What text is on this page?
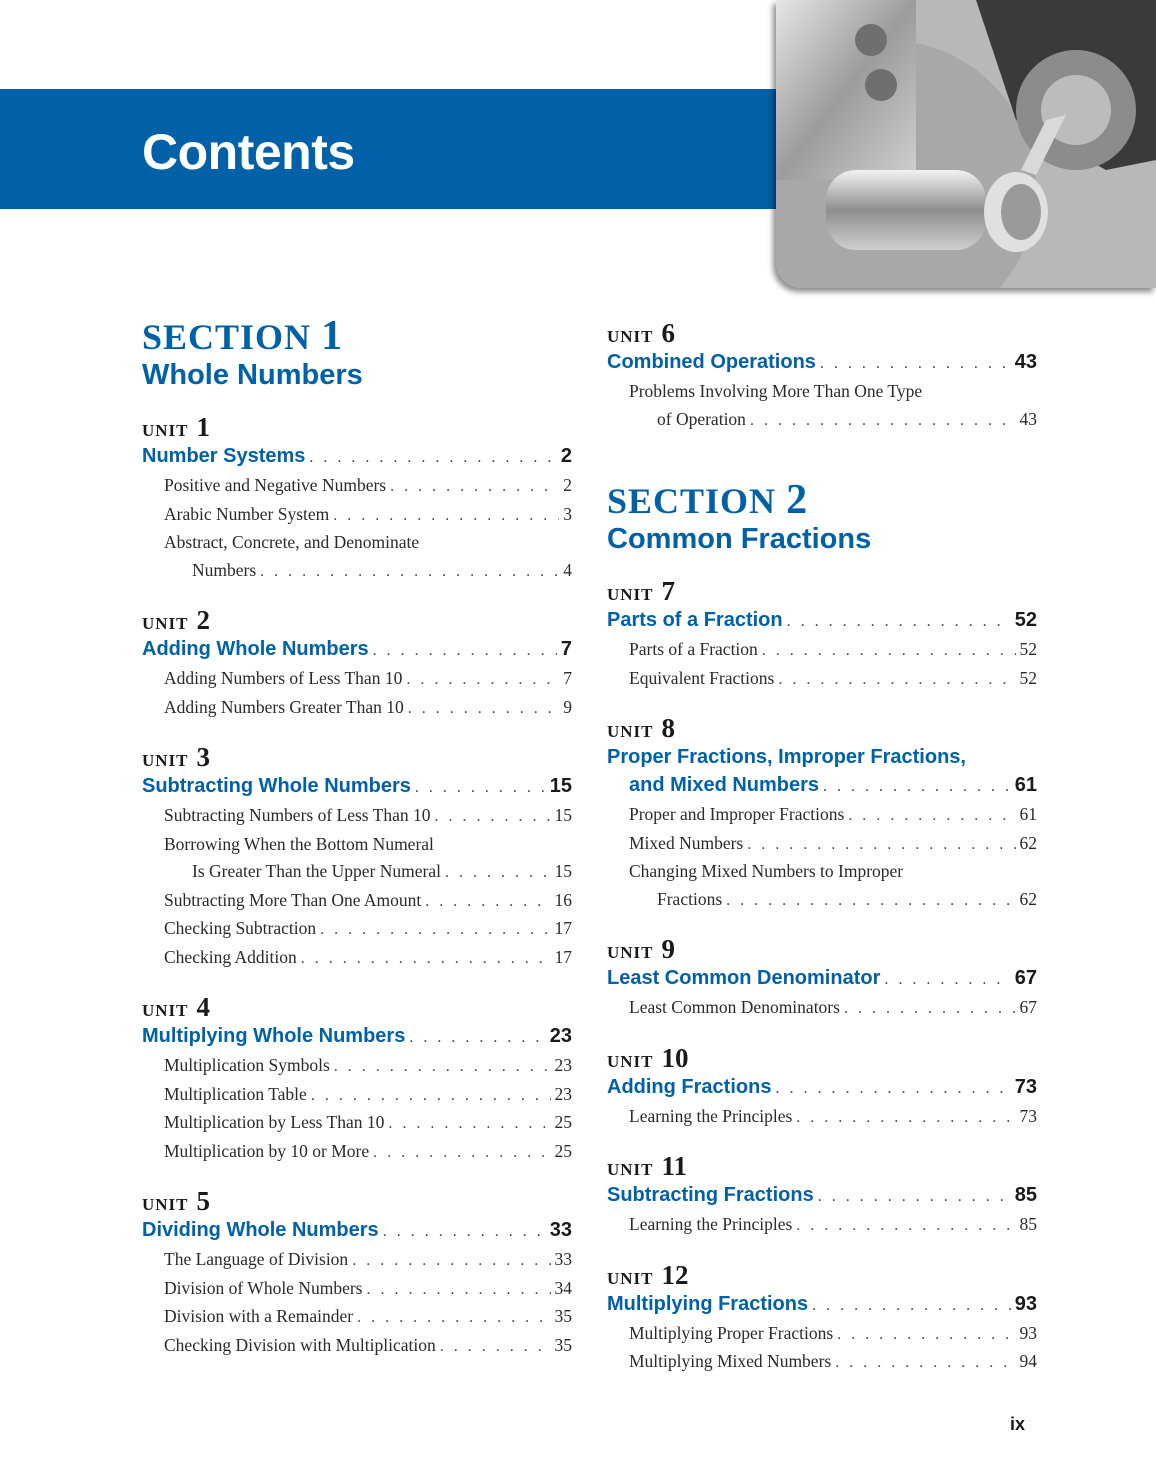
Contents
SECTION 1
Whole Numbers
UNIT 1
Number Systems . . .	2
Positive and Negative Numbers . . .	2
Arabic Number System . . .	3
Abstract, Concrete, and Denominate
Numbers . . .	4
UNIT 2
Adding Whole Numbers . . .	7
Adding Numbers of Less Than 10 . . .	7
Adding Numbers Greater Than 10 . . .	9
UNIT 3
Subtracting Whole Numbers . . .	15
Subtracting Numbers of Less Than 10 . . .	15
Borrowing When the Bottom Numeral
Is Greater Than the Upper Numeral . . .	15
Subtracting More Than One Amount . . .	16
Checking Subtraction . . .	17
Checking Addition . . .	17
UNIT 4
Multiplying Whole Numbers . . .	23
Multiplication Symbols . . .	23
Multiplication Table . . .	23
Multiplication by Less Than 10 . . .	25
Multiplication by 10 or More . . .	25
UNIT 5
Dividing Whole Numbers . . .	33
The Language of Division . . .	33
Division of Whole Numbers . . .	34
Division with a Remainder . . .	35
Checking Division with Multiplication . . .	35
UNIT 6
Combined Operations . . .	43
Problems Involving More Than One Type
of Operation . . .	43
SECTION 2
Common Fractions
UNIT 7
Parts of a Fraction . . .	52
Parts of a Fraction . . .	52
Equivalent Fractions . . .	52
UNIT 8
Proper Fractions, Improper Fractions,
and Mixed Numbers . . .	61
Proper and Improper Fractions . . .	61
Mixed Numbers . . .	62
Changing Mixed Numbers to Improper
Fractions . . .	62
UNIT 9
Least Common Denominator . . .	67
Least Common Denominators . . .	67
UNIT 10
Adding Fractions . . .	73
Learning the Principles . . .	73
UNIT 11
Subtracting Fractions . . .	85
Learning the Principles . . .	85
UNIT 12
Multiplying Fractions . . .	93
Multiplying Proper Fractions . . .	93
Multiplying Mixed Numbers . . .	94
ix
